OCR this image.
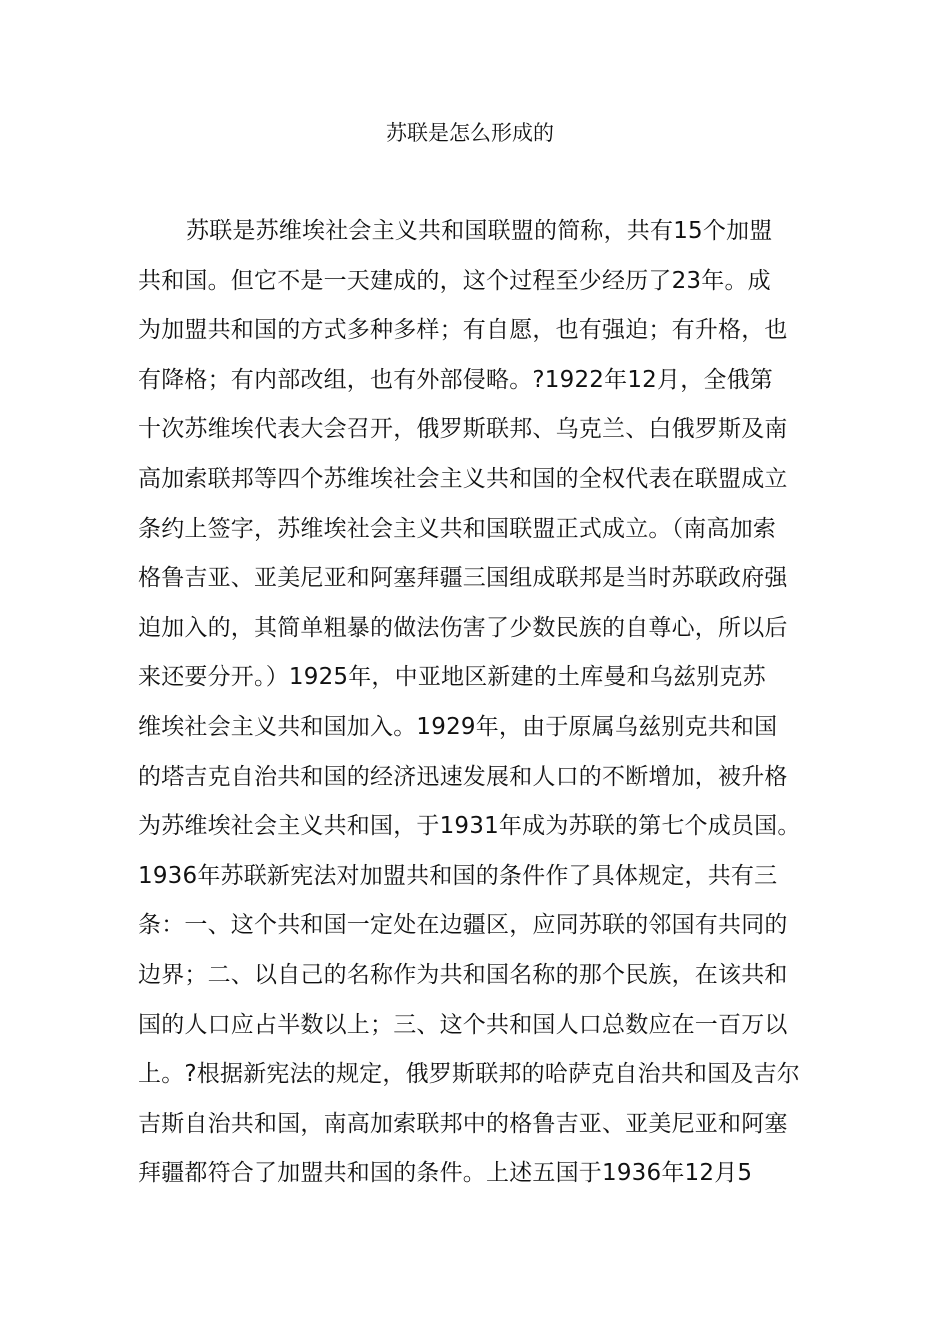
苏联是怎么形成的
苏联是苏维埃社会主义共和国联盟的简称，共有15个加盟
共和国。但它不是一天建成的，这个过程至少经历了23年。成
为加盟共和国的方式多种多样；有自愿，也有强迫；有升格，也
有降格；有内部改组，也有外部侵略。?1922年12月，全俄第
十次苏维埃代表大会召开，俄罗斯联邦、乌克兰、白俄罗斯及南
高加索联邦等四个苏维埃社会主义共和国的全权代表在联盟成立
条约上签字，苏维埃社会主义共和国联盟正式成立。（南高加索
格鲁吉亚、亚美尼亚和阿塞拜疆三国组成联邦是当时苏联政府强
迫加入的，其简单粗暴的做法伤害了少数民族的自尊心，所以后
来还要分开。）1925年，中亚地区新建的土库曼和乌兹别克苏
维埃社会主义共和国加入。1929年，由于原属乌兹别克共和国
的塔吉克自治共和国的经济迅速发展和人口的不断增加，被升格
为苏维埃社会主义共和国，于1931年成为苏联的第七个成员国。
1936年苏联新宪法对加盟共和国的条件作了具体规定，共有三
条：一、这个共和国一定处在边疆区，应同苏联的邻国有共同的
边界；二、以自己的名称作为共和国名称的那个民族，在该共和
国的人口应占半数以上；三、这个共和国人口总数应在一百万以
上。?根据新宪法的规定，俄罗斯联邦的哈萨克自治共和国及吉尔
吉斯自治共和国，南高加索联邦中的格鲁吉亚、亚美尼亚和阿塞
拜疆都符合了加盟共和国的条件。上述五国于1936年12月5
